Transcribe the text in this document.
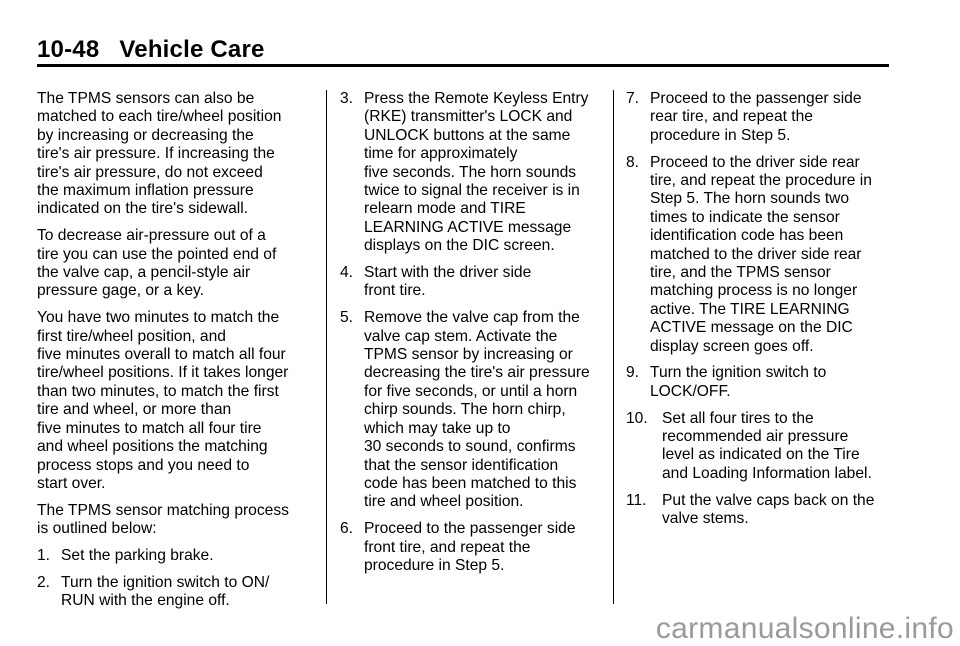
10-48 Vehicle Care

The TPMS sensors can also be
matched to each tire/wheel position
by increasing or decreasing the
tire's air pressure. If increasing the
tire's air pressure, do not exceed
the maximum inflation pressure
indicated on the tire's sidewall.

To decrease air-pressure out of a
tire you can use the pointed end of
the valve cap, a pencil-style air
pressure gage, or a key.

You have two minutes to match the
first tire/wheel position, and
five minutes overall to match all four
tire/wheel positions. If it takes longer
than two minutes, to match the first
tire and wheel, or more than
five minutes to match all four tire
and wheel positions the matching
process stops and you need to
start over.

The TPMS sensor matching process
is outlined below:

1. Set the parking brake.
2. Turn the ignition switch to ON/
RUN with the engine off.
3. Press the Remote Keyless Entry
(RKE) transmitter's LOCK and
UNLOCK buttons at the same
time for approximately
five seconds. The horn sounds
twice to signal the receiver is in
relearn mode and TIRE
LEARNING ACTIVE message
displays on the DIC screen.
4. Start with the driver side
front tire.
5. Remove the valve cap from the
valve cap stem. Activate the
TPMS sensor by increasing or
decreasing the tire's air pressure
for five seconds, or until a horn
chirp sounds. The horn chirp,
which may take up to
30 seconds to sound, confirms
that the sensor identification
code has been matched to this
tire and wheel position.
6. Proceed to the passenger side
front tire, and repeat the
procedure in Step 5.
7. Proceed to the passenger side
rear tire, and repeat the
procedure in Step 5.
8. Proceed to the driver side rear
tire, and repeat the procedure in
Step 5. The horn sounds two
times to indicate the sensor
identification code has been
matched to the driver side rear
tire, and the TPMS sensor
matching process is no longer
active. The TIRE LEARNING
ACTIVE message on the DIC
display screen goes off.
9. Turn the ignition switch to
LOCK/OFF.
10. Set all four tires to the
recommended air pressure
level as indicated on the Tire
and Loading Information label.
11. Put the valve caps back on the
valve stems.
carmanualsonline.info
